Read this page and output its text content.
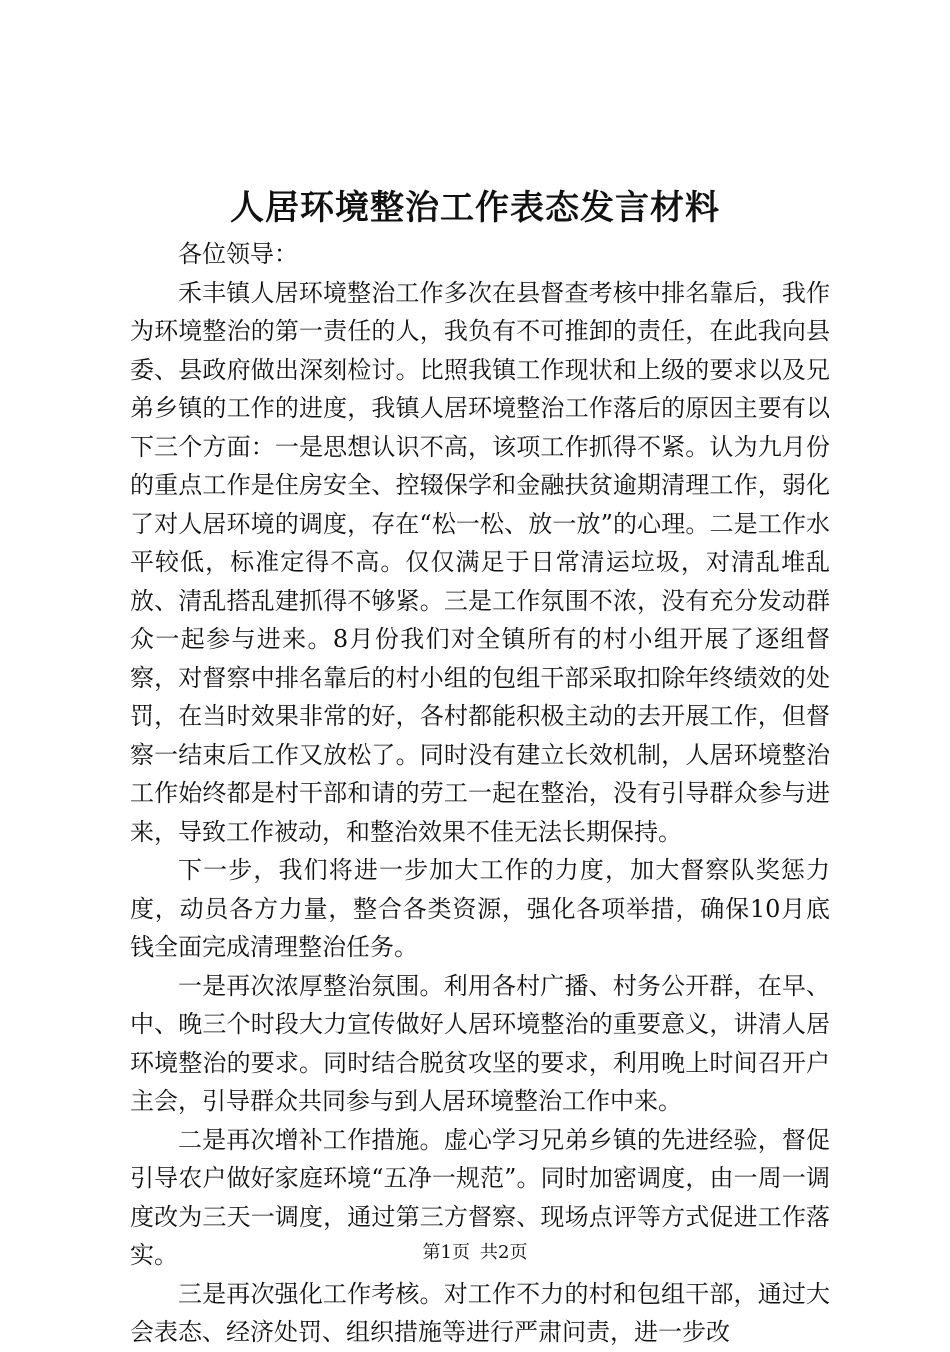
人居环境整治工作表态发言材料
各位领导：

禾丰镇人居环境整治工作多次在县督查考核中排名靠后，我作为环境整治的第一责任的人，我负有不可推卸的责任，在此我向县委、县政府做出深刻检讨。比照我镇工作现状和上级的要求以及兄弟乡镇的工作的进度，我镇人居环境整治工作落后的原因主要有以下三个方面：一是思想认识不高，该项工作抓得不紧。认为九月份的重点工作是住房安全、控辍保学和金融扶贫逾期清理工作，弱化了对人居环境的调度，存在“松一松、放一放”的心理。二是工作水平较低，标准定得不高。仅仅满足于日常清运垃圾，对清乱堆乱放、清乱搭乱建抓得不够紧。三是工作氛围不浓，没有充分发动群众一起参与进来。8月份我们对全镇所有的村小组开展了逐组督察，对督察中排名靠后的村小组的包组干部采取扣除年终绩效的处罚，在当时效果非常的好，各村都能积极主动的去开展工作，但督察一结束后工作又放松了。同时没有建立长效机制，人居环境整治工作始终都是村干部和请的劳工一起在整治，没有引导群众参与进来，导致工作被动，和整治效果不佳无法长期保持。

下一步，我们将进一步加大工作的力度，加大督察队奖惩力度，动员各方力量，整合各类资源，强化各项举措，确保10月底钱全面完成清理整治任务。

一是再次浓厚整治氛围。利用各村广播、村务公开群，在早、中、晚三个时段大力宣传做好人居环境整治的重要意义，讲清人居环境整治的要求。同时结合脱贫攻坚的要求，利用晚上时间召开户主会，引导群众共同参与到人居环境整治工作中来。

二是再次增补工作措施。虚心学习兄弟乡镇的先进经验，督促引导农户做好家庭环境“五净一规范”。同时加密调度，由一周一调度改为三天一调度，通过第三方督察、现场点评等方式促进工作落实。

三是再次强化工作考核。对工作不力的村和包组干部，通过大会表态、经济处罚、组织措施等进行严肃问责，进一步改

第1页 共2页
